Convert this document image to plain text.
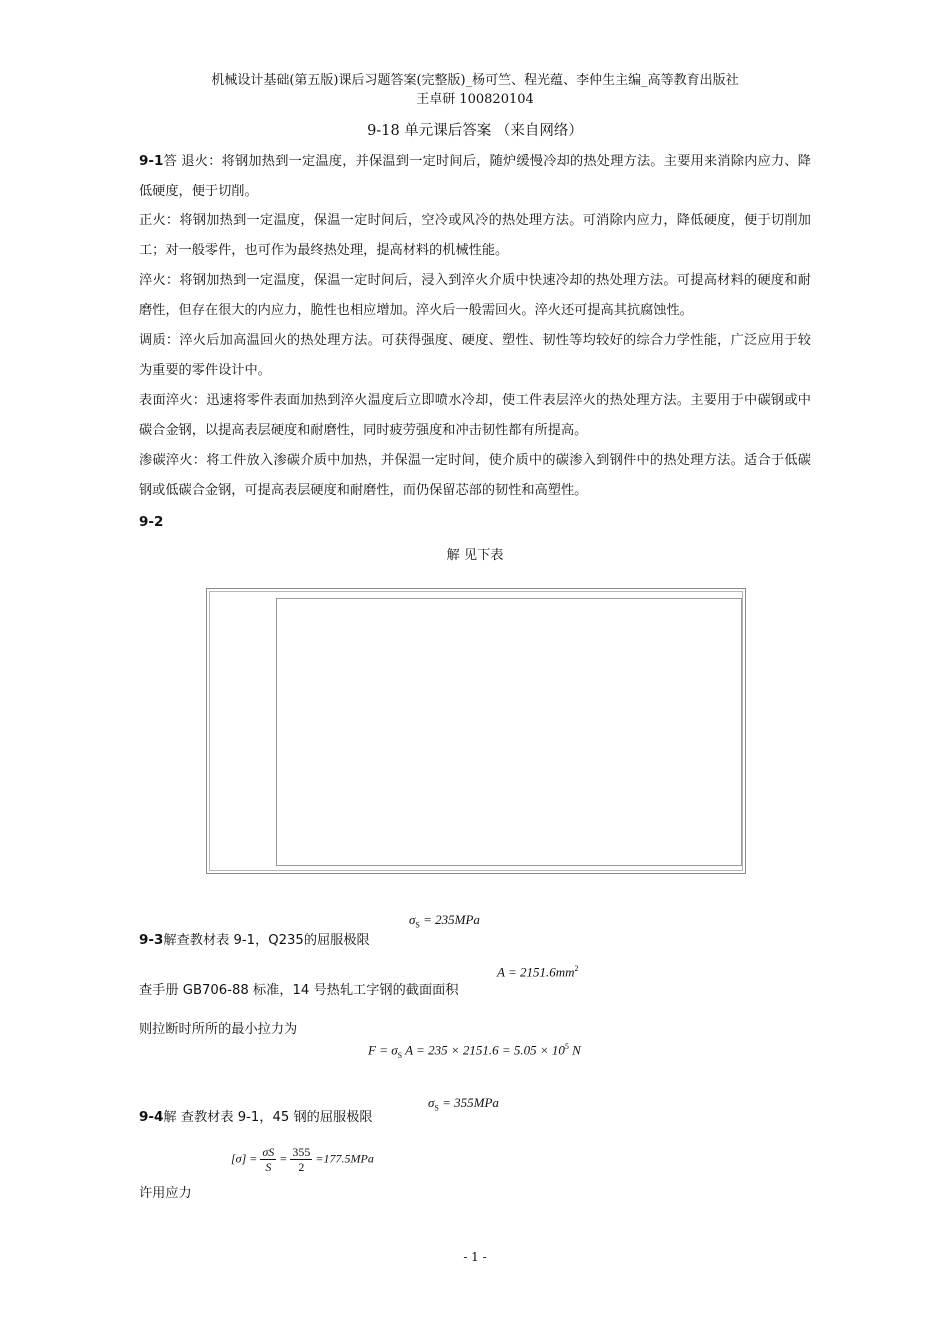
机械设计基础(第五版)课后习题答案(完整版)_杨可竺、程光蕴、李仲生主编_高等教育出版社
王卓研 100820104
9-18 单元课后答案 （来自网络）
9-1答 退火：将钢加热到一定温度，并保温到一定时间后，随炉缓慢冷却的热处理方法。主要用来消除内应力、降低硬度，便于切削。
正火：将钢加热到一定温度，保温一定时间后，空冷或风冷的热处理方法。可消除内应力，降低硬度，便于切削加工；对一般零件，也可作为最终热处理，提高材料的机械性能。
淬火：将钢加热到一定温度，保温一定时间后，浸入到淬火介质中快速冷却的热处理方法。可提高材料的硬度和耐磨性，但存在很大的内应力，脆性也相应增加。淬火后一般需回火。淬火还可提高其抗腐蚀性。
调质：淬火后加高温回火的热处理方法。可获得强度、硬度、塑性、韧性等均较好的综合力学性能，广泛应用于较为重要的零件设计中。
表面淬火：迅速将零件表面加热到淬火温度后立即喷水冷却，使工件表层淬火的热处理方法。主要用于中碳钢或中碳合金钢，以提高表层硬度和耐磨性，同时疲劳强度和冲击韧性都有所提高。
渗碳淬火：将工件放入渗碳介质中加热，并保温一定时间，使介质中的碳渗入到钢件中的热处理方法。适合于低碳钢或低碳合金钢，可提高表层硬度和耐磨性，而仍保留芯部的韧性和高塑性。
9-2
解 见下表
$\sigma_S = 235MPa$
9-3解查教材表 9-1，Q235的屈服极限
$A = 2151.6mm^2$
查手册 GB706-88 标准，14 号热轧工字钢的截面面积
则拉断时所所的最小拉力为
$F = \sigma_S$ $A = 235 \times 2151.6 = 5.05 \times 10^5$ N
$\sigma_S = 355MPa$
9-4解 查教材表 9-1，45 钢的屈服极限
$[\sigma] = \frac{\sigma S}{S} = \frac{355}{2} =177.5MPa$
许用应力
- 1 -
